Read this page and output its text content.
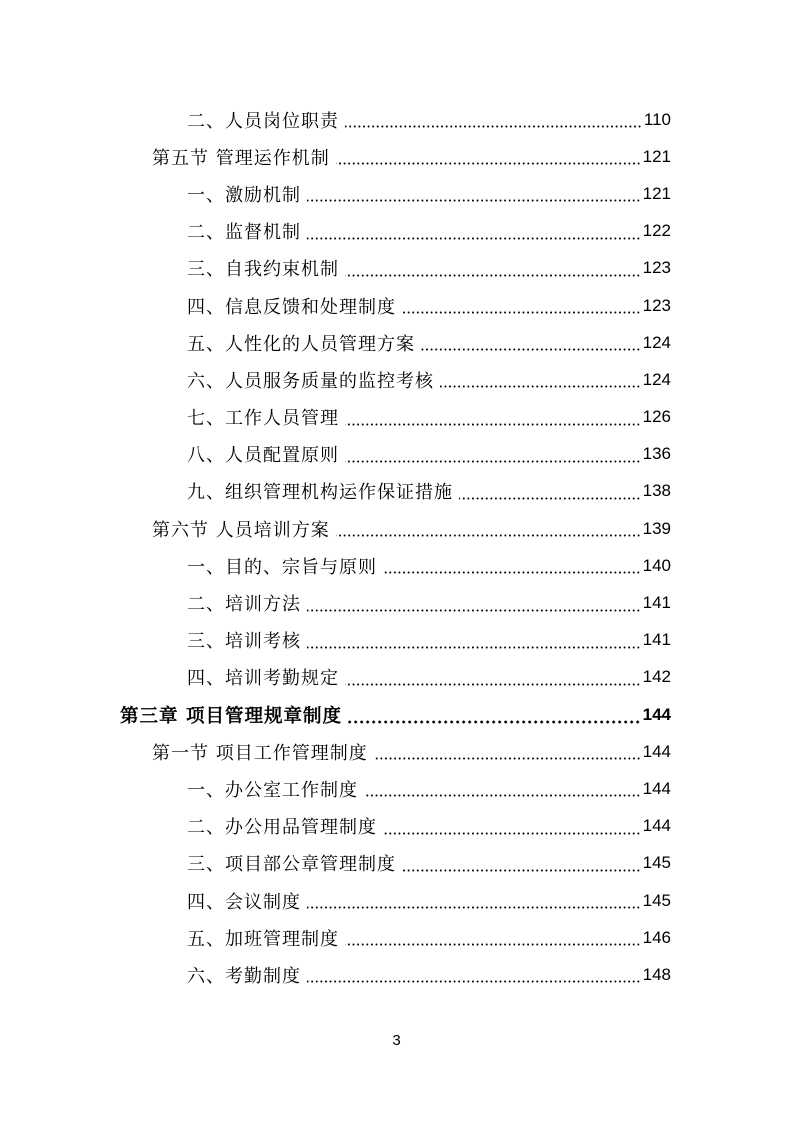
二、人员岗位职责	110
第五节 管理运作机制	121
一、激励机制	121
二、监督机制	122
三、自我约束机制	123
四、信息反馈和处理制度	123
五、人性化的人员管理方案	124
六、人员服务质量的监控考核	124
七、工作人员管理	126
八、人员配置原则	136
九、组织管理机构运作保证措施	138
第六节 人员培训方案	139
一、目的、宗旨与原则	140
二、培训方法	141
三、培训考核	141
四、培训考勤规定	142
第三章 项目管理规章制度	144
第一节 项目工作管理制度	144
一、办公室工作制度	144
二、办公用品管理制度	144
三、项目部公章管理制度	145
四、会议制度	145
五、加班管理制度	146
六、考勤制度	148
3
